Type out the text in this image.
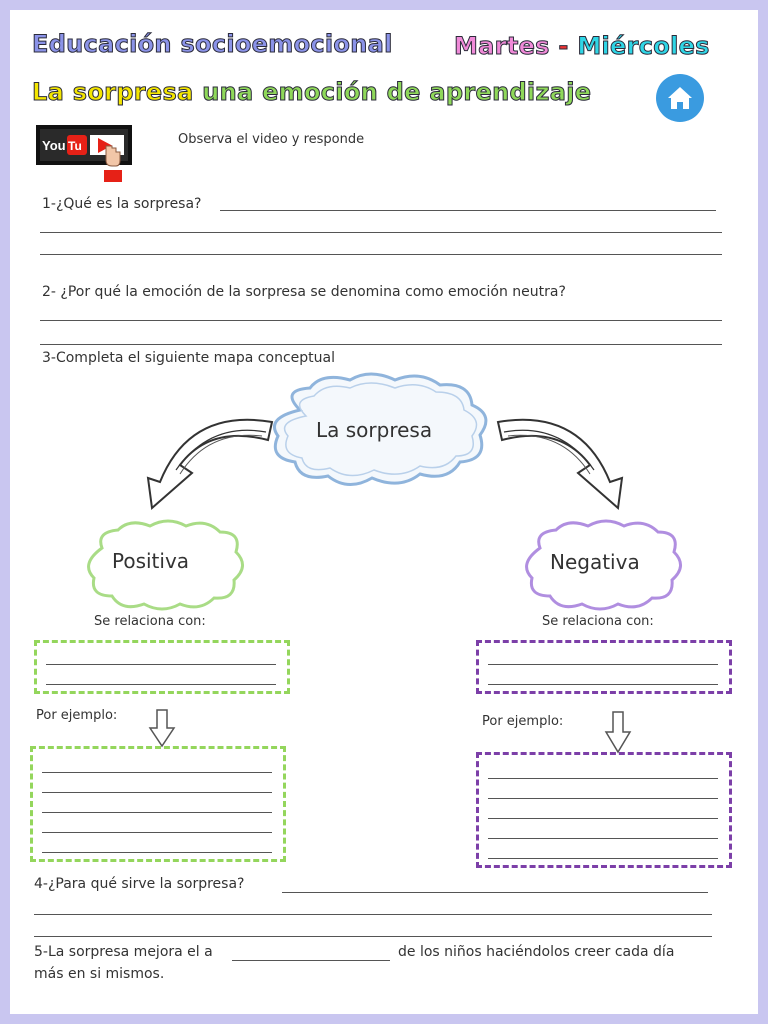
Educación socioemocional	Martes - Miércoles
La sorpresa una emoción de aprendizaje
You Tu	Observa el video y responde
1-¿Qué es la sorpresa?
2- ¿Por qué la emoción de la sorpresa se denomina como emoción neutra?
3-Completa el siguiente mapa conceptual
La sorpresa
Positiva	Negativa
Se relaciona con:	Se relaciona con:
Por ejemplo:	Por ejemplo:
4-¿Para qué sirve la sorpresa?
5-La sorpresa mejora el a	de los niños haciéndolos creer cada día
más en si mismos.
